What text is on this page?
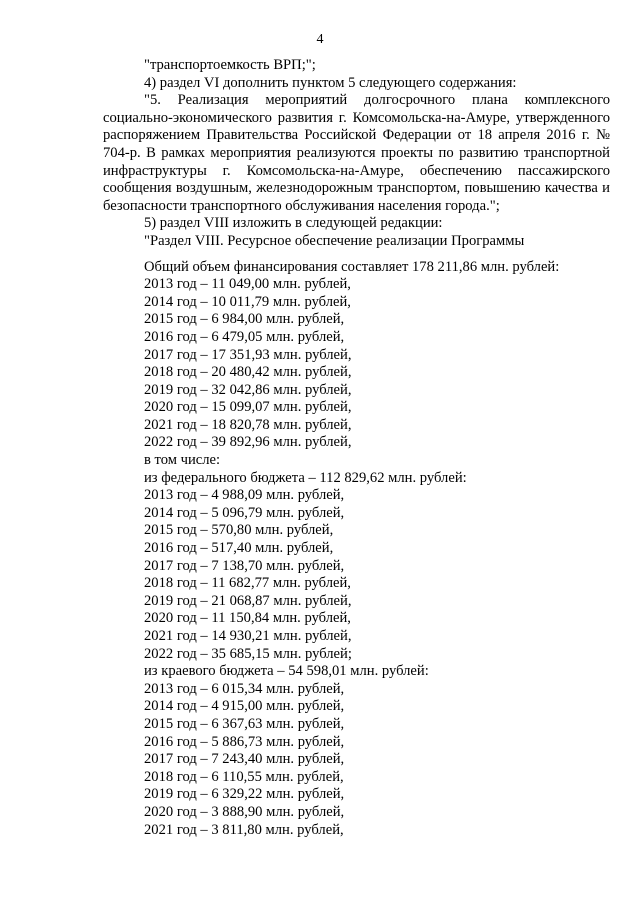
4

"транспортоемкость ВРП;";

4) раздел VI дополнить пунктом 5 следующего содержания:

"5. Реализация мероприятий долгосрочного плана комплексного социально-экономического развития г. Комсомольска-на-Амуре, утвержденного распоряжением Правительства Российской Федерации от 18 апреля 2016 г. № 704-р. В рамках мероприятия реализуются проекты по развитию транспортной инфраструктуры г. Комсомольска-на-Амуре, обеспечению пассажирского сообщения воздушным, железнодорожным транспортом, повышению качества и безопасности транспортного обслуживания населения города.";

5) раздел VIII изложить в следующей редакции:

"Раздел VIII. Ресурсное обеспечение реализации Программы

Общий объем финансирования составляет 178 211,86 млн. рублей:

2013 год – 11 049,00 млн. рублей,

2014 год – 10 011,79 млн. рублей,

2015 год – 6 984,00 млн. рублей,

2016 год – 6 479,05 млн. рублей,

2017 год – 17 351,93 млн. рублей,

2018 год – 20 480,42 млн. рублей,

2019 год – 32 042,86 млн. рублей,

2020 год – 15 099,07 млн. рублей,

2021 год – 18 820,78 млн. рублей,

2022 год – 39 892,96 млн. рублей,

в том числе:

из федерального бюджета – 112 829,62 млн. рублей:

2013 год – 4 988,09 млн. рублей,

2014 год – 5 096,79 млн. рублей,

2015 год – 570,80 млн. рублей,

2016 год – 517,40 млн. рублей,

2017 год – 7 138,70 млн. рублей,

2018 год – 11 682,77 млн. рублей,

2019 год – 21 068,87 млн. рублей,

2020 год – 11 150,84 млн. рублей,

2021 год – 14 930,21 млн. рублей,

2022 год – 35 685,15 млн. рублей;

из краевого бюджета – 54 598,01 млн. рублей:

2013 год – 6 015,34 млн. рублей,

2014 год – 4 915,00 млн. рублей,

2015 год – 6 367,63 млн. рублей,

2016 год – 5 886,73 млн. рублей,

2017 год – 7 243,40 млн. рублей,

2018 год – 6 110,55 млн. рублей,

2019 год – 6 329,22 млн. рублей,

2020 год – 3 888,90 млн. рублей,

2021 год – 3 811,80 млн. рублей,
